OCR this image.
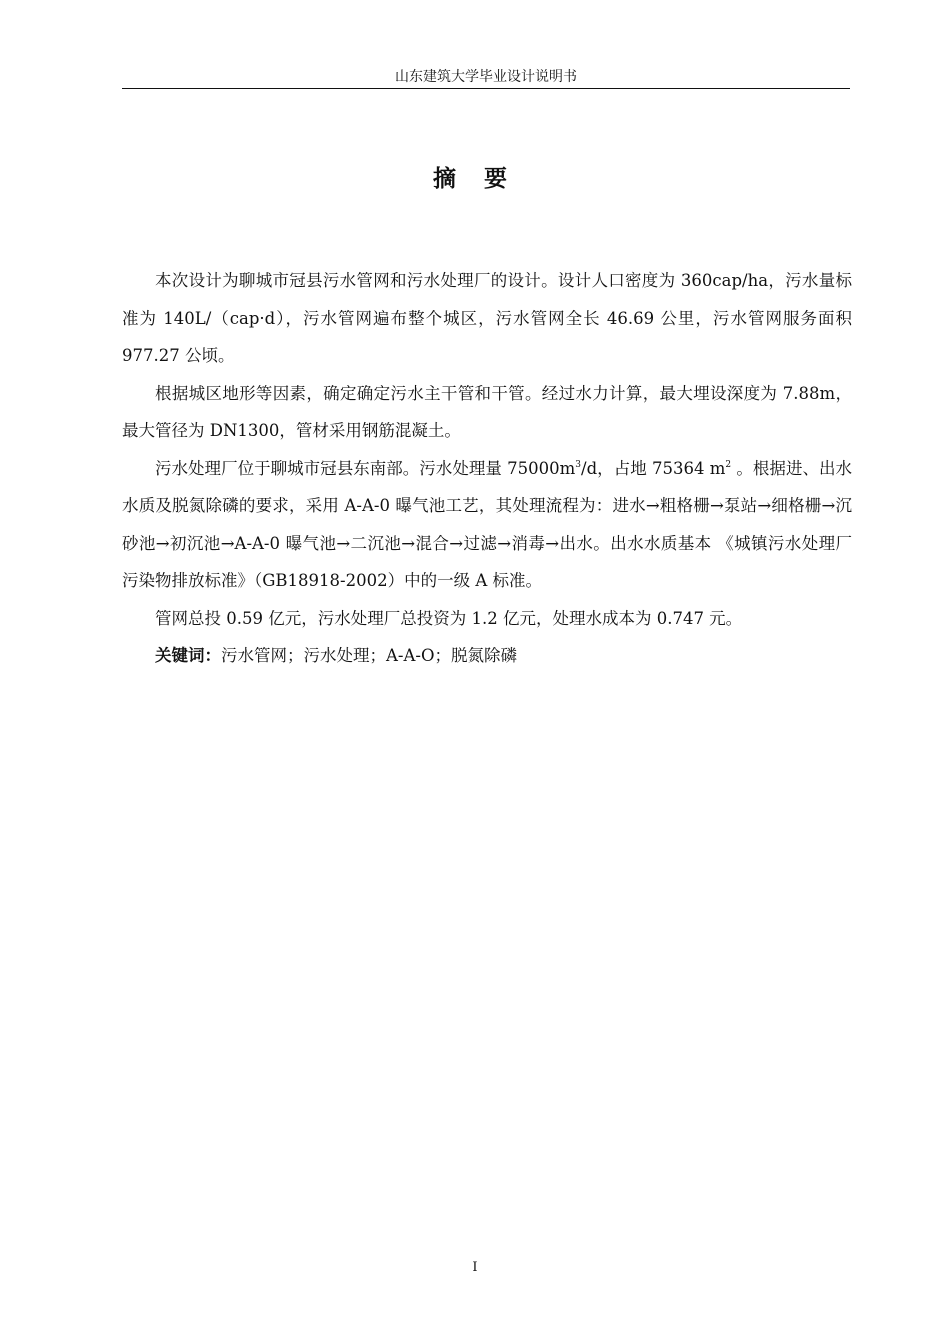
山东建筑大学毕业设计说明书
摘 要

本次设计为聊城市冠县污水管网和污水处理厂的设计。设计人口密度为 360cap/ha，污水量标准为 140L/（cap·d），污水管网遍布整个城区，污水管网全长 46.69 公里，污水管网服务面积 977.27 公顷。

根据城区地形等因素，确定确定污水主干管和干管。经过水力计算，最大埋设深度为 7.88m，最大管径为 DN1300，管材采用钢筋混凝土。

污水处理厂位于聊城市冠县东南部。污水处理量 $75000m^3/d$，占地 75364 $m^2$ 。根据进、出水水质及脱氮除磷的要求，采用 A-A-0 曝气池工艺，其处理流程为：进水→粗格栅→泵站→细格栅→沉砂池→初沉池→A-A-0 曝气池→二沉池→混合→过滤→消毒→出水。出水水质基本 《城镇污水处理厂污染物排放标准》（GB18918-2002）中的一级 A 标准。

管网总投 0.59 亿元，污水处理厂总投资为 1.2 亿元，处理水成本为 0.747 元。

关键词：污水管网；污水处理；A-A-O；脱氮除磷

I
